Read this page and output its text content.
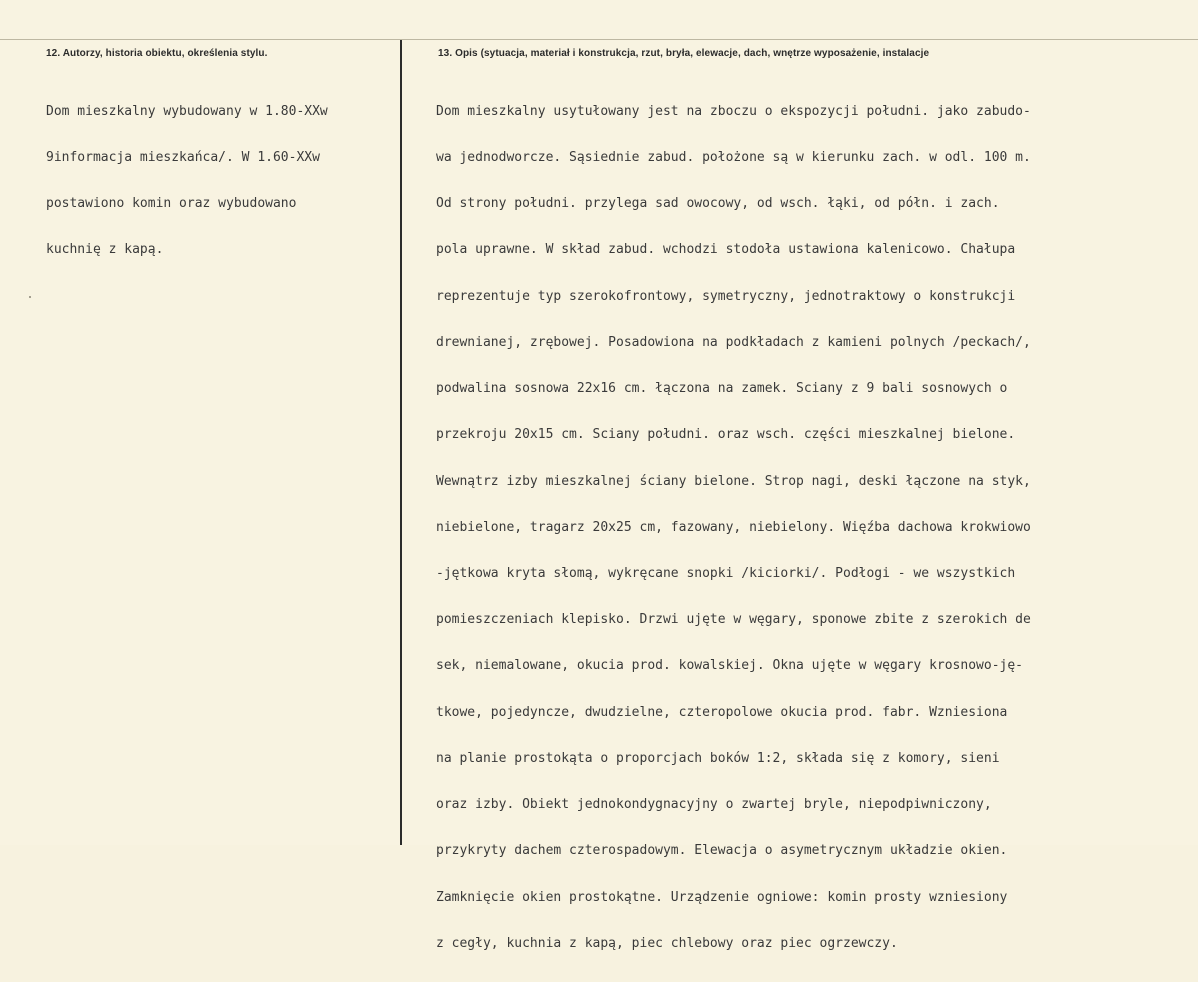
12. Autorzy, historia obiektu, określenia stylu.	13. Opis (sytuacja, materiał i konstrukcja, rzut, bryła, elewacje, dach, wnętrze wyposażenie, instalacje

Dom mieszkalny wybudowany w 1.80-XXw

9informacja mieszkańca/. W 1.60-XXw

postawiono komin oraz wybudowano

kuchnię z kapą.

Dom mieszkalny usytułowany jest na zboczu o ekspozycji południ. jako zabudo-

wa jednodworcze. Sąsiednie zabud. położone są w kierunku zach. w odl. 100 m.

Od strony południ. przylega sad owocowy, od wsch. łąki, od półn. i zach.

pola uprawne. W skład zabud. wchodzi stodoła ustawiona kalenicowo. Chałupa

reprezentuje typ szerokofrontowy, symetryczny, jednotraktowy o konstrukcji

drewnianej, zrębowej. Posadowiona na podkładach z kamieni polnych /peckach/,

podwalina sosnowa 22x16 cm. łączona na zamek. Sciany z 9 bali sosnowych o

przekroju 20x15 cm. Sciany południ. oraz wsch. części mieszkalnej bielone.

Wewnątrz izby mieszkalnej ściany bielone. Strop nagi, deski łączone na styk,

niebielone, tragarz 20x25 cm, fazowany, niebielony. Więźba dachowa krokwiowo

-jętkowa kryta słomą, wykręcane snopki /kiciorki/. Podłogi - we wszystkich

pomieszczeniach klepisko. Drzwi ujęte w węgary, sponowe zbite z szerokich de

sek, niemalowane, okucia prod. kowalskiej. Okna ujęte w węgary krosnowo-ję-

tkowe, pojedyncze, dwudzielne, czteropolowe okucia prod. fabr. Wzniesiona

na planie prostokąta o proporcjach boków 1:2, składa się z komory, sieni

oraz izby. Obiekt jednokondygnacyjny o zwartej bryle, niepodpiwniczony,

przykryty dachem czterospadowym. Elewacja o asymetrycznym układzie okien.

Zamknięcie okien prostokątne. Urządzenie ogniowe: komin prosty wzniesiony

z cegły, kuchnia z kapą, piec chlebowy oraz piec ogrzewczy.
